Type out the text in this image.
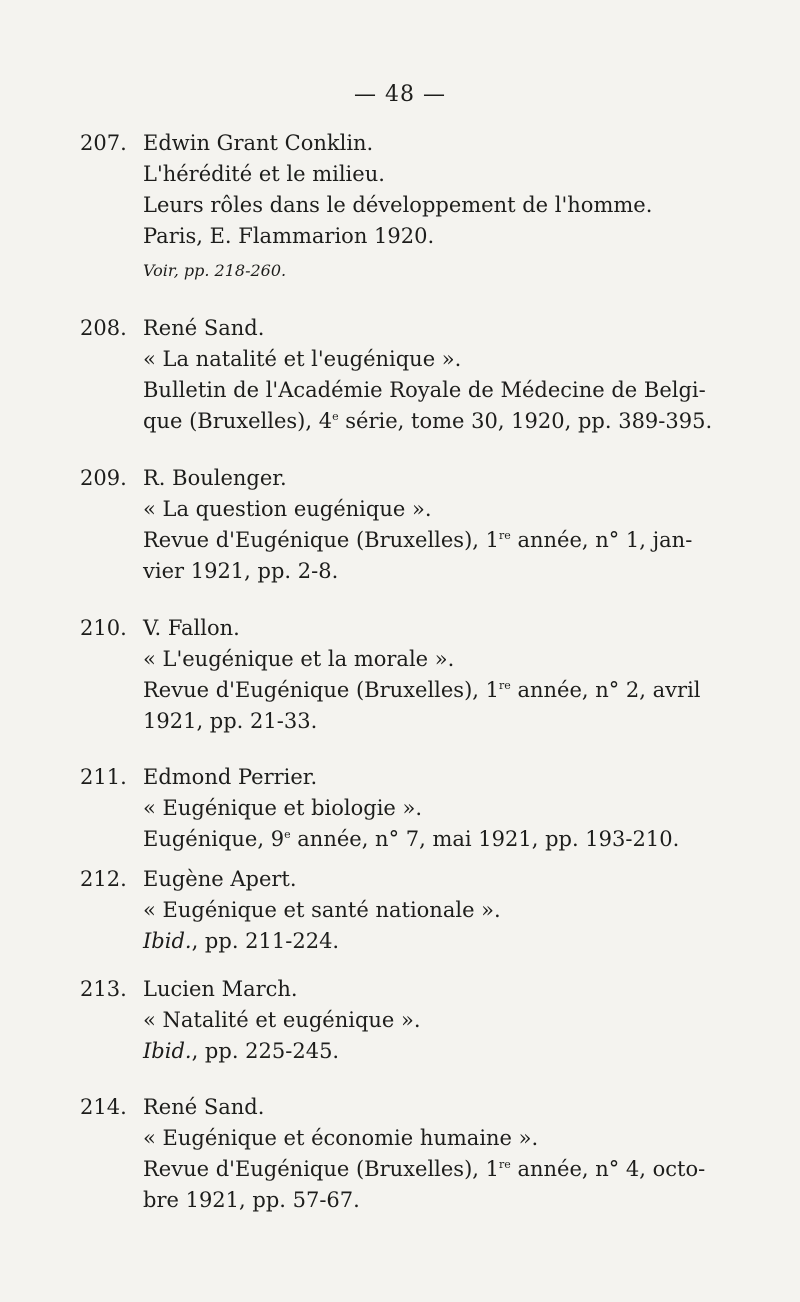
— 48 —
207. Edwin Grant Conklin.
L'hérédité et le milieu.
Leurs rôles dans le développement de l'homme.
Paris, E. Flammarion 1920.
Voir, pp. 218-260.
208. René Sand.
« La natalité et l'eugénique ».
Bulletin de l'Académie Royale de Médecine de Belgi-
que (Bruxelles), 4e série, tome 30, 1920, pp. 389-395.
209. R. Boulenger.
« La question eugénique ».
Revue d'Eugénique (Bruxelles), 1re année, n° 1, jan-
vier 1921, pp. 2-8.
210. V. Fallon.
« L'eugénique et la morale ».
Revue d'Eugénique (Bruxelles), 1re année, n° 2, avril
1921, pp. 21-33.
211. Edmond Perrier.
« Eugénique et biologie ».
Eugénique, 9e année, n° 7, mai 1921, pp. 193-210.
212. Eugène Apert.
« Eugénique et santé nationale ».
Ibid., pp. 211-224.
213. Lucien March.
« Natalité et eugénique ».
Ibid., pp. 225-245.
214. René Sand.
« Eugénique et économie humaine ».
Revue d'Eugénique (Bruxelles), 1re année, n° 4, octo-
bre 1921, pp. 57-67.
